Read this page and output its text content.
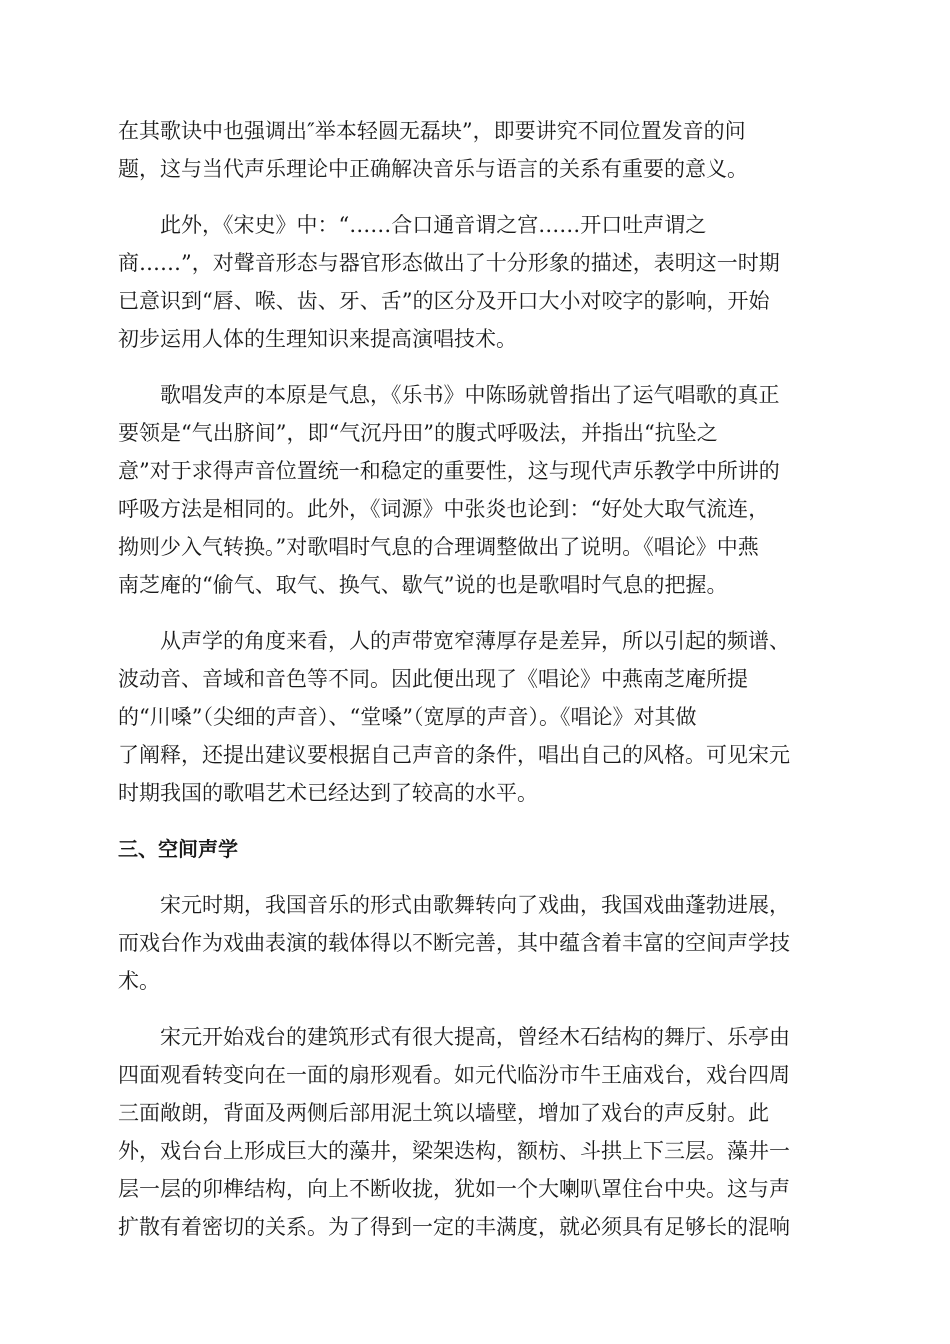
在其歌诀中也强调出″举本轻圆无磊块”，即要讲究不同位置发音的问
题，这与当代声乐理论中正确解决音乐与语言的关系有重要的意义。
此外，《宋史》中：“……合口通音谓之宫……开口吐声谓之
商……”，对聲音形态与器官形态做出了十分形象的描述，表明这一时期
已意识到“唇、喉、齿、牙、舌”的区分及开口大小对咬字的影响，开始
初步运用人体的生理知识来提高演唱技术。
歌唱发声的本原是气息，《乐书》中陈旸就曾指出了运气唱歌的真正
要领是“气出脐间”，即“气沉丹田”的腹式呼吸法，并指出“抗坠之
意”对于求得声音位置统一和稳定的重要性，这与现代声乐教学中所讲的
呼吸方法是相同的。此外，《词源》中张炎也论到：“好处大取气流连，
拗则少入气转换。”对歌唱时气息的合理调整做出了说明。《唱论》中燕
南芝庵的“偷气、取气、换气、歇气”说的也是歌唱时气息的把握。
从声学的角度来看，人的声带宽窄薄厚存是差异，所以引起的频谱、
波动音、音域和音色等不同。因此便出现了《唱论》中燕南芝庵所提
的“川嗓”（尖细的声音）、“堂嗓”（宽厚的声音）。《唱论》对其做
了阐释，还提出建议要根据自己声音的条件，唱出自己的风格。可见宋元
时期我国的歌唱艺术已经达到了较高的水平。
三、空间声学
宋元时期，我国音乐的形式由歌舞转向了戏曲，我国戏曲蓬勃进展，
而戏台作为戏曲表演的载体得以不断完善，其中蕴含着丰富的空间声学技
术。
宋元开始戏台的建筑形式有很大提高，曾经木石结构的舞厅、乐亭由
四面观看转变向在一面的扇形观看。如元代临汾市牛王庙戏台，戏台四周
三面敞朗，背面及两侧后部用泥土筑以墙壁，增加了戏台的声反射。此
外，戏台台上形成巨大的藻井，梁架迭构，额枋、斗拱上下三层。藻井一
层一层的卯榫结构，向上不断收拢，犹如一个大喇叭罩住台中央。这与声
扩散有着密切的关系。为了得到一定的丰满度，就必须具有足够长的混响
